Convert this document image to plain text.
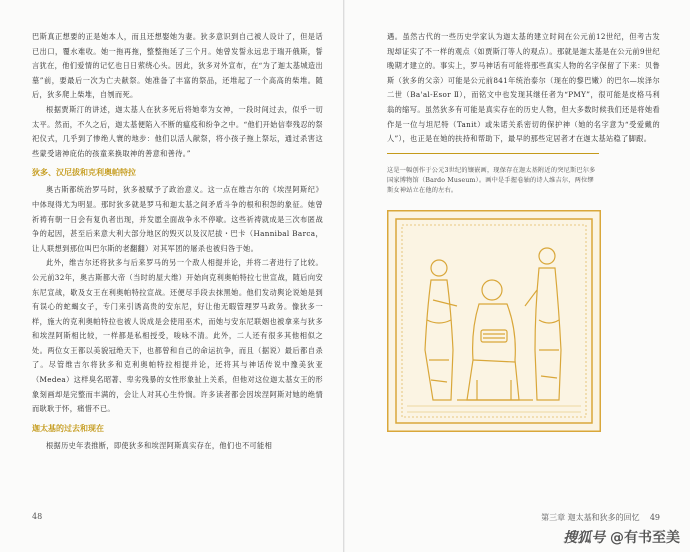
巴斯真正想要的正是她本人，而且还想娶她为妻。狄多意识到自己被人设计了，但是话已出口，覆水难收。她一拖再拖，整整拖延了三个月。她曾发誓永远忠于瑞开俄斯，誓言犹在，他们爱情的记忆也日日萦绕心头。因此，狄多对外宣布，在“为了迦太基城造出墓”前，要最后一次为亡夫献祭。她准备了丰富的祭品，还堆起了一个高高的柴堆。随后，狄多爬上柴堆，自刎而死。

根据贾斯汀的讲述，迦太基人在狄多死后将她奉为女神，一段时间过去，似乎一切太平。然而，不久之后，迦太基便陷入不断的瘟疫和纷争之中。“他们开始信奉残忍的祭祀仪式，几乎到了惨绝人寰的地步：他们以活人献祭，将小孩子拖上祭坛，通过杀害这些蒙受诸神庇佑的孩童来换取神的善意和善待。”

狄多、汉尼拔和克利奥帕特拉

奥古斯都统治罗马时，狄多被赋予了政治意义。这一点在维吉尔的《埃涅阿斯纪》中体现得尤为明显。那时狄多就是罗马和迦太基之间矛盾斗争的根和积怨的象征。她曾祈祷有朝一日会有复仇者出现，并发愿全面战争永不停歇。这些祈祷就成是三次布匿战争的起因，甚至后来意大利大部分地区的毁灭以及汉尼拔・巴卡（Hannibal Barca，让人联想到那位叫巴尔斯的老翻翻）对其军团的屠杀也被归咎于她。

此外，维吉尔还将狄多与后来罗马的另一个敌人相提并论，并将二者进行了比较。公元前32年，奥古斯都大帝（当时的屋大维）开始向克利奥帕特拉七世宣战，随后向安东尼宣战，歇及女王在利奥帕特拉宣战。还便尽手段去抹黑她。他们发动舆论说她是到有误心的蛇蝎女子，专门来引诱高贵的安东尼，好让他无暇管理罗马政务。像狄多一样，施大的克利奥帕特拉也被人说成是会使用巫术，而她与安东尼联姻也被拿来与狄多和埃涅阿斯相比较，一样都是私相授受，唆咏不清。此外，二人还有很多其他相似之处。两位女王都以美貌冠绝天下，也都曾和自己的命运抗争，而且（据说）最后都自杀了。尽管维吉尔将狄多和克利奥帕特拉相提并论，还将其与神话传说中豫美狄亚（Medea）这样臭名昭著、卑劣残暴的女性形象扯上关系，但他对这位迦太基女王的形象刻画却是完整而丰满的，会让人对其心生怜悯。许多读者都会因埃涅阿斯对她的绝情而耿耿于怀，痛惜不已。

迦太基的过去和现在

根据历史年表推断，即使狄多和埃涅阿斯真实存在，他们也不可能相

48

遇。虽然古代的一些历史学家认为迦太基的建立时间在公元前12世纪，但考古发现却证实了不一样的观点（如贾斯汀等人的观点）。那就是迦太基是在公元前9世纪晚期才建立的。事实上，罗马神话有可能将那些真实人物的名字保留了下来：贝鲁斯（狄多的父亲）可能是公元前841年统治泰尔（现在的黎巴嫩）的巴尔—埃泽尔二世（Ba'al-Esor Ⅱ），而铭文中也发现其继任者为“PMY”，很可能是皮格马利翁的缩写。虽然狄多有可能是真实存在的历史人物，但大多数时候我们还是将她看作是一位与坦尼特（Tanit）或朱诺关系密切的保护神（她的名字意为“受爱戴的人”），也正是在她的扶持和帮助下，最早的那些定居者才在迦太基站稳了脚跟。

这是一幅创作于公元3世纪的镶嵌画，现保存在迦太基附近的突尼斯巴尔多国家博物馆（Bardo Museum）。画中是手握卷轴的诗人维吉尔，两位缪斯女神站立在他的左右。
第三章 迦太基和狄多的回忆 49
搜狐号 @有书至美
